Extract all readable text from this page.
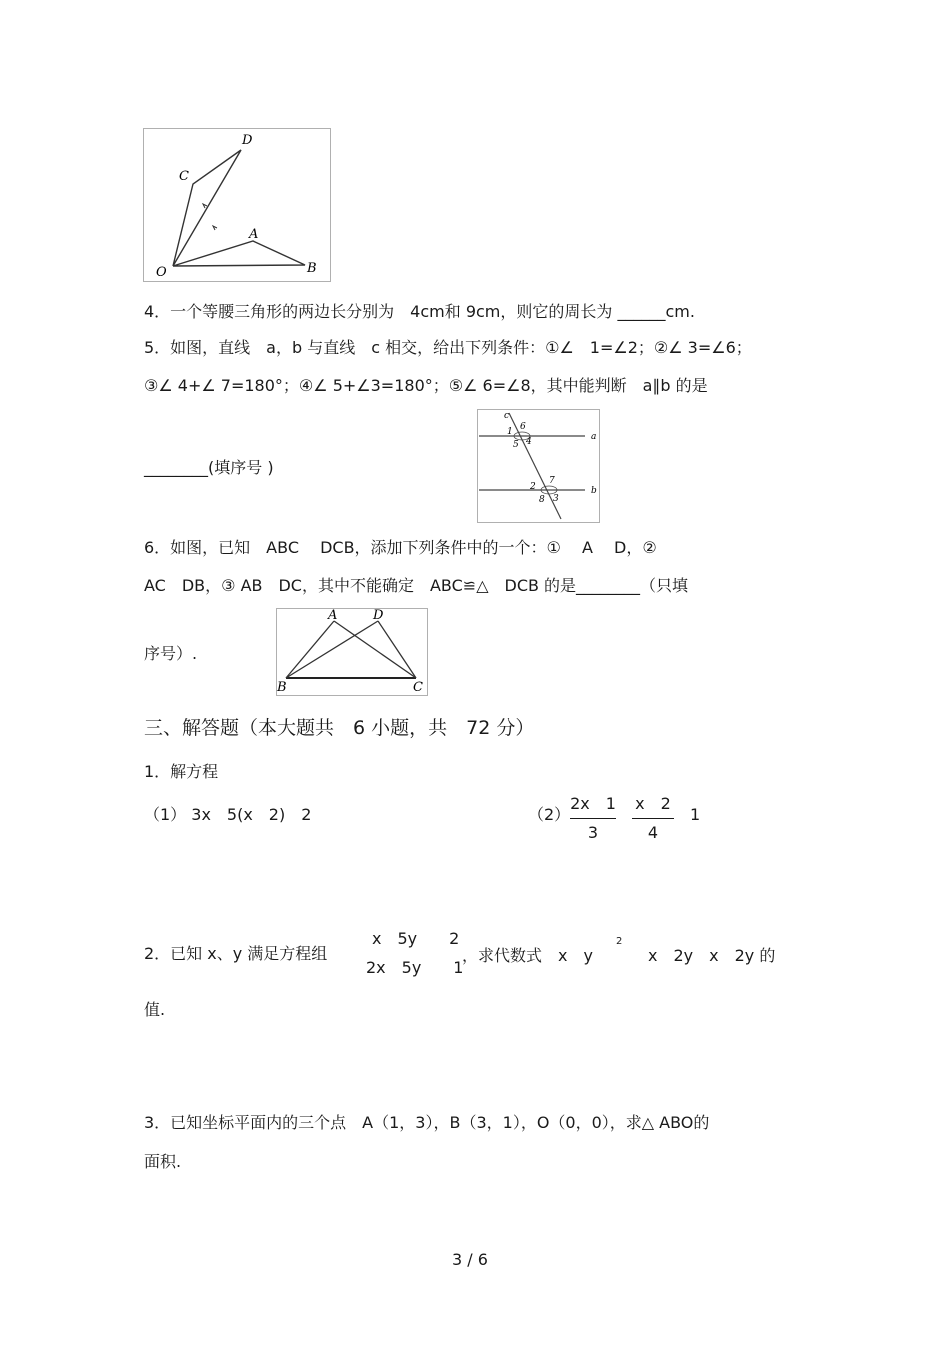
D
C
A
O	B
4．一个等腰三角形的两边长分别为　4cm和 9cm，则它的周长为 ______cm.
5．如图，直线　a，b 与直线　c 相交，给出下列条件：①∠　1=∠2；②∠ 3=∠6；
③∠ 4+∠ 7=180°；④∠ 5+∠3=180°；⑤∠ 6=∠8，其中能判断　a∥b 的是
________(填序号 )
c
a
b
1 6
4
5
2
7
8 3
6．如图，已知　ABC　 DCB，添加下列条件中的一个：①　 A　 D，②
AC　DB，③ AB　DC，其中不能确定　ABC≌△　DCB 的是________（只填
序号）.
A	D
B	C
三、解答题（本大题共　6 小题，共　72 分）
1．解方程
（1） 3x　5(x　2)　2	（2）
2x　1
3
x　2
4
1
2．已知 x、y 满足方程组
x　5y　　2
2x　5y　　1
，求代数式　x　y
2
x　2y　x　2y 的
值.
3．已知坐标平面内的三个点　A（1，3），B（3，1），O（0，0），求△ ABO的
面积.
3 / 6
